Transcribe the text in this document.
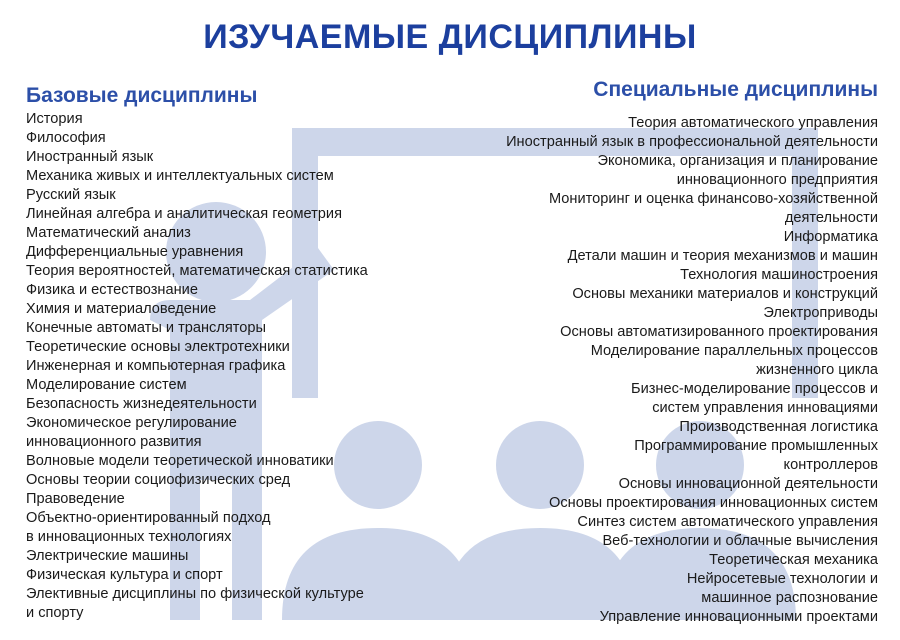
ИЗУЧАЕМЫЕ ДИСЦИПЛИНЫ
Базовые дисциплины
История
Философия
Иностранный язык
Механика живых и интеллектуальных систем
Русский язык
Линейная алгебра и аналитическая геометрия
Математический анализ
Дифференциальные уравнения
Теория вероятностей, математическая статистика
Физика и естествознание
Химия и материаловедение
Конечные автоматы и трансляторы
Теоретические основы электротехники
Инженерная и компьютерная графика
Моделирование систем
Безопасность жизнедеятельности
Экономическое регулирование
инновационного развития
Волновые модели теоретической инноватики
Основы теории социофизических сред
Правоведение
Объектно-ориентированный подход
в инновационных технологиях
Электрические машины
Физическая культура и спорт
Элективные дисциплины по физической культуре
и спорту
Специальные дисциплины
Теория автоматического управления
Иностранный язык в профессиональной деятельности
Экономика, организация и планирование
инновационного предприятия
Мониторинг и оценка финансово-хозяйственной
деятельности
Информатика
Детали машин и теория механизмов и машин
Технология машиностроения
Основы механики материалов и конструкций
Электроприводы
Основы автоматизированного проектирования
Моделирование параллельных процессов
жизненного цикла
Бизнес-моделирование процессов и
систем управления инновациями
Производственная логистика
Программирование промышленных
контроллеров
Основы инновационной деятельности
Основы проектирования инновационных систем
Синтез систем автоматического управления
Веб-технологии и облачные вычисления
Теоретическая механика
Нейросетевые технологии и
машинное распознование
Управление инновационными проектами
